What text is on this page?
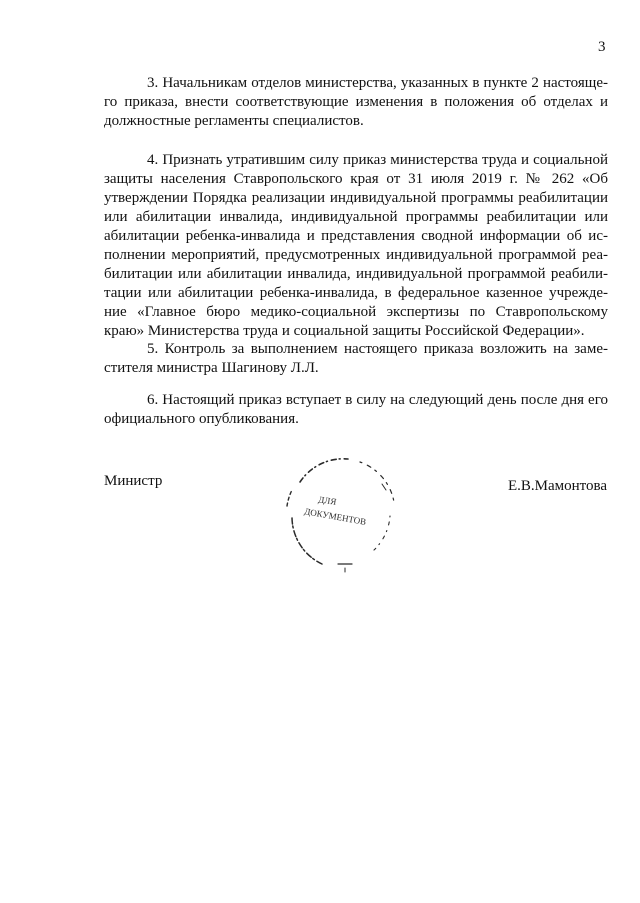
3

3. Начальникам отделов министерства, указанных в пункте 2 настояще-
го приказа, внести соответствующие изменения в положения об отделах и
должностные регламенты специалистов.

4. Признать утратившим силу приказ министерства труда и социальной
защиты населения Ставропольского края от 31 июля 2019 г. № 262 «Об
утверждении Порядка реализации индивидуальной программы реабилитации
или абилитации инвалида, индивидуальной программы реабилитации или
абилитации ребенка-инвалида и представления сводной информации об ис-
полнении мероприятий, предусмотренных индивидуальной программой реа-
билитации или абилитации инвалида, индивидуальной программой реабили-
тации или абилитации ребенка-инвалида, в федеральное казенное учрежде-
ние «Главное бюро медико-социальной экспертизы по Ставропольскому
краю» Министерства труда и социальной защиты Российской Федерации».

5. Контроль за выполнением настоящего приказа возложить на заме-
стителя министра Шагинову Л.Л.

6. Настоящий приказ вступает в силу на следующий день после дня его
официального опубликования.

Министр	Е.В.Мамонтова
ДЛЯ
ДОКУМЕНТОВ
